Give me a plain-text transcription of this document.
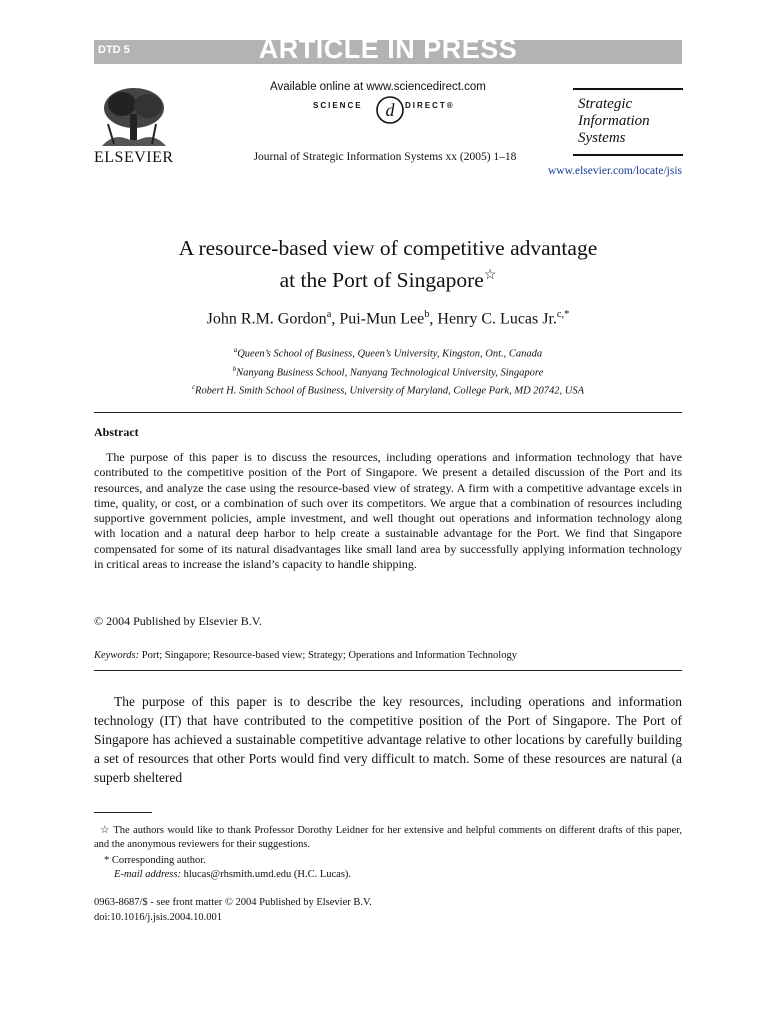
DTD 5	ARTICLE IN PRESS
ELSEVIER
Available online at www.sciencedirect.com
SCIENCE d DIRECT®
Journal of Strategic Information Systems xx (2005) 1–18
Strategic
Information
Systems
www.elsevier.com/locate/jsis
A resource-based view of competitive advantage
at the Port of Singapore☆
John R.M. Gordon$^a$, Pui-Mun Lee$^b$, Henry C. Lucas Jr.$^{c,*}$
$^a$Queen’s School of Business, Queen’s University, Kingston, Ont., Canada
$^b$Nanyang Business School, Nanyang Technological University, Singapore
$^c$Robert H. Smith School of Business, University of Maryland, College Park, MD 20742, USA
Abstract
The purpose of this paper is to discuss the resources, including operations and information technology that have contributed to the competitive position of the Port of Singapore. We present a detailed discussion of the Port and its resources, and analyze the case using the resource-based view of strategy. A firm with a competitive advantage excels in time, quality, or cost, or a combination of such over its competitors. We argue that a combination of resources including supportive government policies, ample investment, and well thought out operations and information technology along with location and a natural deep harbor to help create a sustainable advantage for the Port. We find that Singapore compensated for some of its natural disadvantages like small land area by successfully applying information technology in critical areas to increase the island’s capacity to handle shipping.
© 2004 Published by Elsevier B.V.
Keywords: Port; Singapore; Resource-based view; Strategy; Operations and Information Technology
The purpose of this paper is to describe the key resources, including operations and information technology (IT) that have contributed to the competitive position of the Port of Singapore. The Port of Singapore has achieved a sustainable competitive advantage relative to other locations by carefully building a set of resources that other Ports would find very difficult to match. Some of these resources are natural (a superb sheltered
☆ The authors would like to thank Professor Dorothy Leidner for her extensive and helpful comments on different drafts of this paper, and the anonymous reviewers for their suggestions.
* Corresponding author.
E-mail address: hlucas@rhsmith.umd.edu (H.C. Lucas).
0963-8687/$ - see front matter © 2004 Published by Elsevier B.V.
doi:10.1016/j.jsis.2004.10.001
